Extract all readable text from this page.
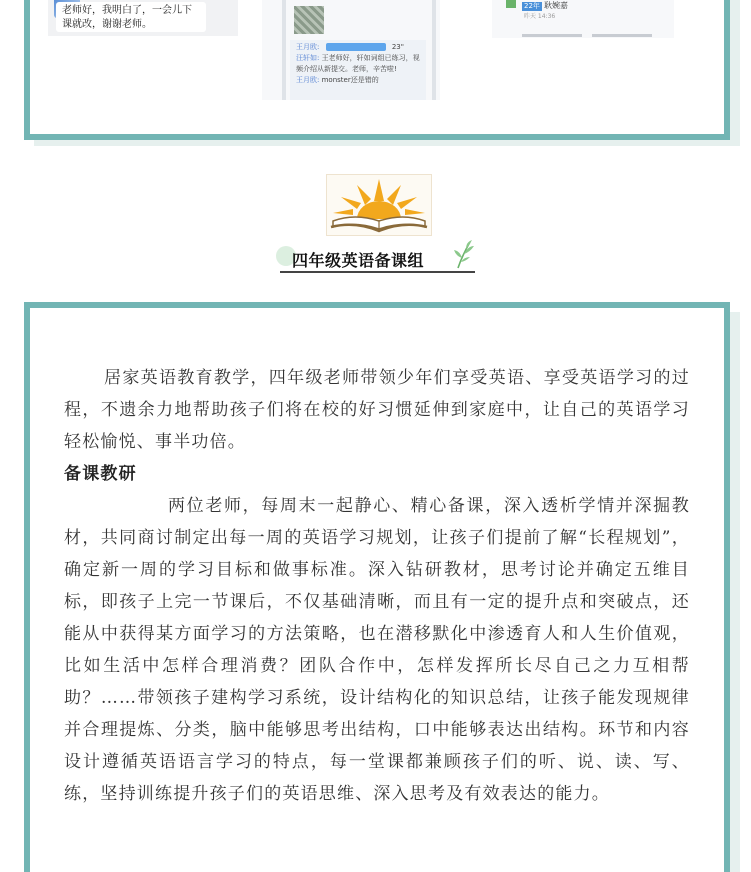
老师好，我明白了，一会儿下课就改，谢谢老师。
王月欧:	23"
汪轩如: 王老师好，轩如词组已练习，视频介绍从新提交。老师，辛苦啦!
王月欧: monster还是错的
22年 耿婉嘉
昨天 14:36
四年级英语备课组

居家英语教育教学，四年级老师带领少年们享受英语、享受英语学习的过程，不遗余力地帮助孩子们将在校的好习惯延伸到家庭中，让自己的英语学习轻松愉悦、事半功倍。

备课教研

两位老师，每周末一起静心、精心备课，深入透析学情并深掘教材，共同商讨制定出每一周的英语学习规划，让孩子们提前了解“长程规划”，确定新一周的学习目标和做事标准。深入钻研教材，思考讨论并确定五维目标，即孩子上完一节课后，不仅基础清晰，而且有一定的提升点和突破点，还能从中获得某方面学习的方法策略，也在潜移默化中渗透育人和人生价值观，比如生活中怎样合理消费？团队合作中，怎样发挥所长尽自己之力互相帮助？……带领孩子建构学习系统，设计结构化的知识总结，让孩子能发现规律并合理提炼、分类，脑中能够思考出结构，口中能够表达出结构。环节和内容设计遵循英语语言学习的特点，每一堂课都兼顾孩子们的听、说、读、写、练，坚持训练提升孩子们的英语思维、深入思考及有效表达的能力。
